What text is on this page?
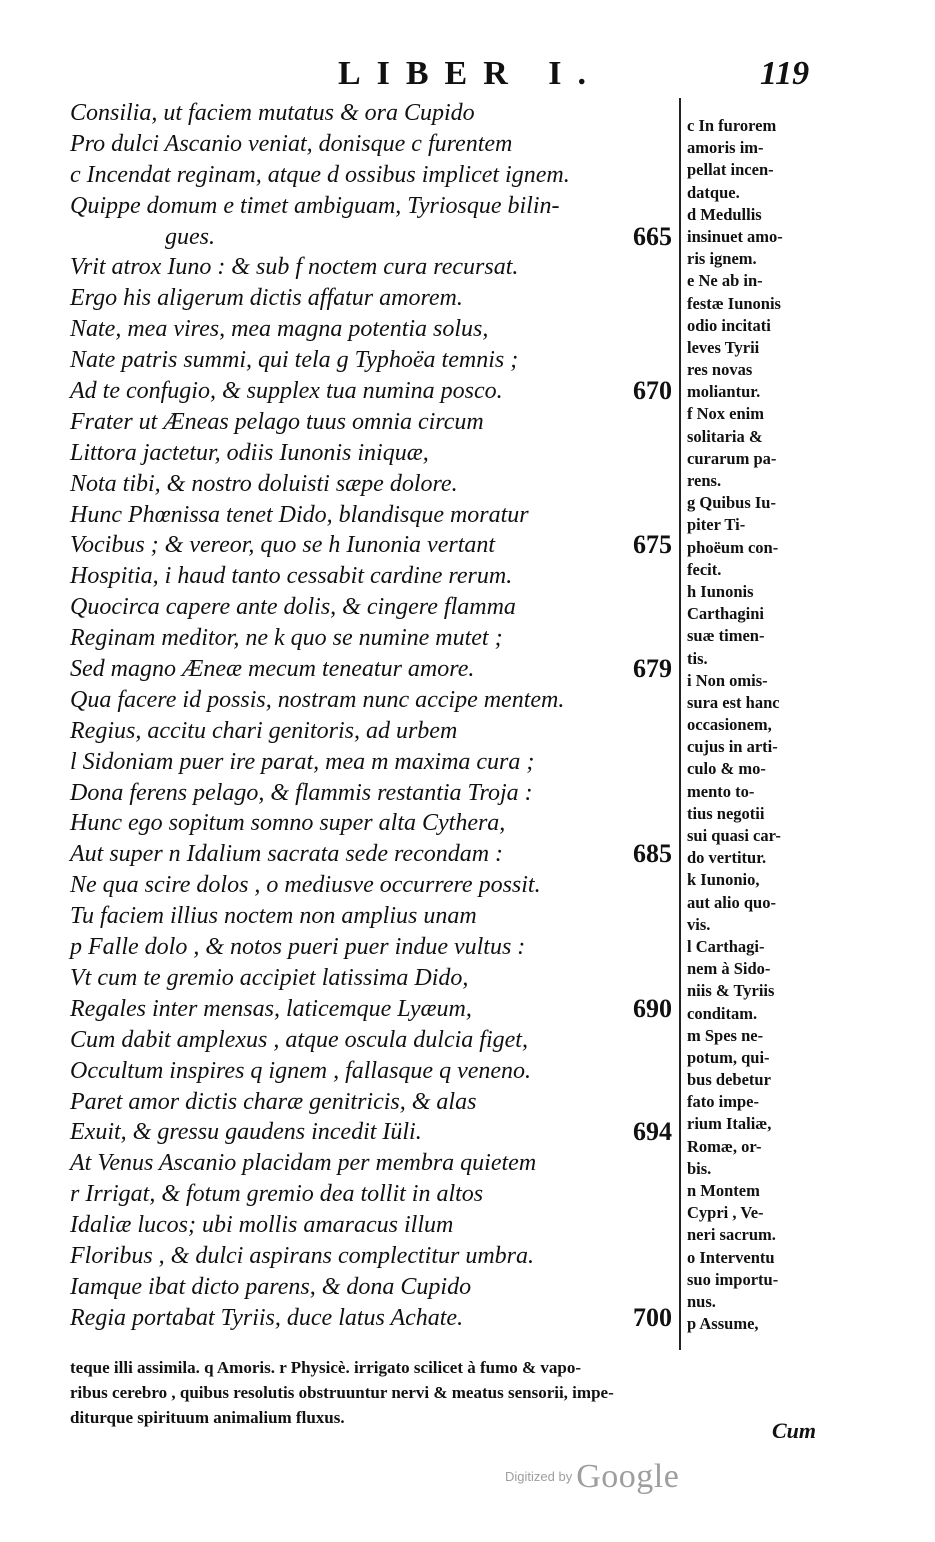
LIBER I.	119
Consilia, ut faciem mutatus & ora Cupido
Pro dulci Ascanio veniat, donisque c furentem
c Incendat reginam, atque d ossibus implicet ignem.
Quippe domum e timet ambiguam, Tyriosque bilin-
gues.	665
Vrit atrox Iuno : & sub f noctem cura recursat.
Ergo his aligerum dictis affatur amorem.
Nate, mea vires, mea magna potentia solus,
Nate patris summi, qui tela g Typhoëa temnis ;
Ad te confugio, & supplex tua numina posco.	670
Frater ut Æneas pelago tuus omnia circum
Littora jactetur, odiis Iunonis iniquæ,
Nota tibi, & nostro doluisti sæpe dolore.
Hunc Phœnissa tenet Dido, blandisque moratur
Vocibus ; & vereor, quo se h Iunonia vertant	675
Hospitia, i haud tanto cessabit cardine rerum.
Quocirca capere ante dolis, & cingere flamma
Reginam meditor, ne k quo se numine mutet ;
Sed magno Æneæ mecum teneatur amore.	679
Qua facere id possis, nostram nunc accipe mentem.
Regius, accitu chari genitoris, ad urbem
l Sidoniam puer ire parat, mea m maxima cura ;
Dona ferens pelago, & flammis restantia Troja :
Hunc ego sopitum somno super alta Cythera,
Aut super n Idalium sacrata sede recondam :	685
Ne qua scire dolos , o mediusve occurrere possit.
Tu faciem illius noctem non amplius unam
p Falle dolo , & notos pueri puer indue vultus :
Vt cum te gremio accipiet latissima Dido,
Regales inter mensas, laticemque Lyæum,	690
Cum dabit amplexus , atque oscula dulcia figet,
Occultum inspires q ignem , fallasque q veneno.
Paret amor dictis charæ genitricis, & alas
Exuit, & gressu gaudens incedit Iüli.	694
At Venus Ascanio placidam per membra quietem
r Irrigat, & fotum gremio dea tollit in altos
Idaliæ lucos; ubi mollis amaracus illum
Floribus , & dulci aspirans complectitur umbra.
Iamque ibat dicto parens, & dona Cupido
Regia portabat Tyriis, duce latus Achate.	700
c In furorem
amoris im-
pellat incen-
datque.
d Medullis
insinuet amo-
ris ignem.
e Ne ab in-
festæ Iunonis
odio incitati
leves Tyrii
res novas
moliantur.
f Nox enim
solitaria &
curarum pa-
rens.
g Quibus Iu-
piter Ti-
phoëum con-
fecit.
h Iunonis
Carthagini
suæ timen-
tis.
i Non omis-
sura est hanc
occasionem,
cujus in arti-
culo & mo-
mento to-
tius negotii
sui quasi car-
do vertitur.
k Iunonio,
aut alio quo-
vis.
l Carthagi-
nem à Sido-
niis & Tyriis
conditam.
m Spes ne-
potum, qui-
bus debetur
fato impe-
rium Italiæ,
Romæ, or-
bis.
n Montem
Cypri , Ve-
neri sacrum.
o Interventu
suo importu-
nus.
p Assume,
teque illi assimila. q Amoris. r Physicè. irrigato scilicet à fumo & vapo-
ribus cerebro , quibus resolutis obstruuntur nervi & meatus sensorii, impe-
diturque spirituum animalium fluxus.
Cum
$^{Digitized by}$ Google
